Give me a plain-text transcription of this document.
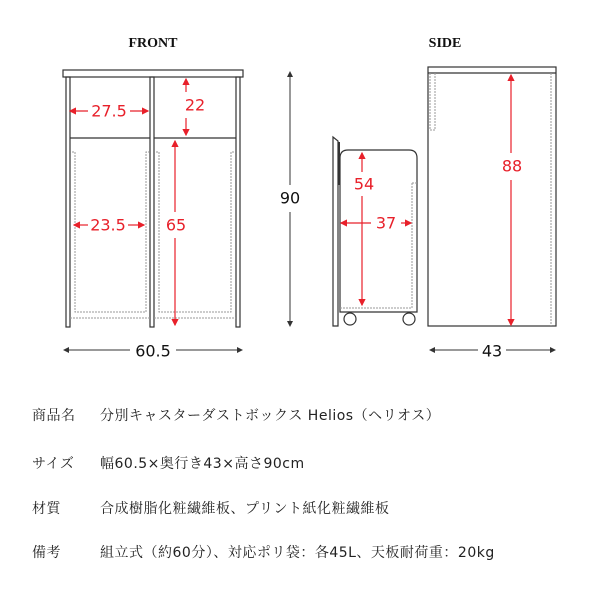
FRONT	SIDE
27.5	22
23.5	65
54
37
88
90
60.5	43
商品名 分別キャスターダストボックス Helios（ヘリオス）
サイズ 幅60.5×奥行き43×高さ90cm
材質	合成樹脂化粧繊維板、プリント紙化粧繊維板
備考	組立式（約60分）、対応ポリ袋：各45L、天板耐荷重：20kg
